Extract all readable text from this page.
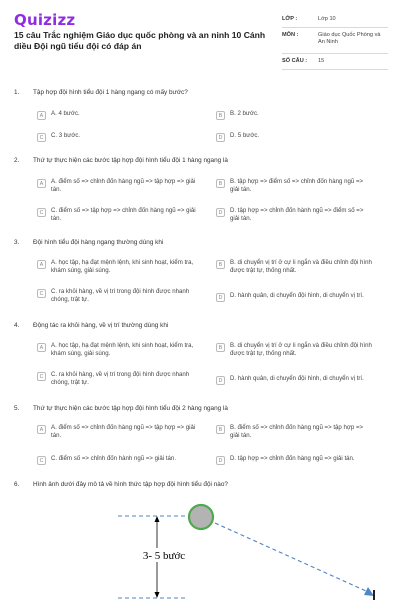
Quizizz
15 câu Trắc nghiệm Giáo dục quốc phòng và an ninh 10 Cánh diều Đội ngũ tiểu đội có đáp án
LỚP :	Lớp 10
MÔN :	Giáo dục Quốc Phòng và An Ninh
SỐ CÂU :	15
1.	Tập hợp đội hình tiểu đội 1 hàng ngang có mấy bước?
A	A. 4 bước.	B	B. 2 bước.
C	C. 3 bước.	D	D. 5 bước.
2.	Thứ tự thực hiện các bước tập hợp đội hình tiểu đội 1 hàng ngang là
A	A. điểm số => chỉnh đốn hàng ngũ => tập hợp => giải tán.
B	B. tập hợp => điểm số => chỉnh đốn hàng ngũ => giải tán.
C	C. điểm số => tập hợp => chỉnh đốn hàng ngũ => giải tán.
D	D. tập hợp => chỉnh đốn hành ngũ => điểm số => giải tán.
3.	Đội hình tiểu đội hàng ngang thường dùng khi
A	A. học tập, hạ đạt mệnh lệnh, khi sinh hoạt, kiểm tra, khám súng, giải súng.
B	B. di chuyển vị trí ở cự li ngắn và điều chỉnh đội hình được trật tự, thống nhất.
C	C. ra khỏi hàng, về vị trí trong đội hình được nhanh chóng, trật tự.	D	D. hành quân, di chuyển đội hình, di chuyển vị trí.
4.	Động tác ra khỏi hàng, về vị trí thường dùng khi
A	A. học tập, hạ đạt mệnh lệnh, khi sinh hoạt, kiểm tra, khám súng, giải súng.
B	B. di chuyển vị trí ở cự li ngắn và điều chỉnh đội hình được trật tự, thống nhất.
C	C. ra khỏi hàng, về vị trí trong đội hình được nhanh chóng, trật tự.	D	D. hành quân, di chuyển đội hình, di chuyển vị trí.
5.	Thứ tự thực hiện các bước tập hợp đội hình tiểu đội 2 hàng ngang là
A	A. điểm số => chỉnh đốn hàng ngũ => tập hợp => giải tán.
B	B. điểm số => chỉnh đốn hàng ngũ => tập hợp => giải tán.
C	C. điểm số => chỉnh đốn hành ngũ => giải tán.	D	D. tập hợp => chỉnh đốn hàng ngũ => giải tán.
6.	Hình ảnh dưới đây mô tả về hình thức tập hợp đội hình tiểu đội nào?
3- 5 bước
